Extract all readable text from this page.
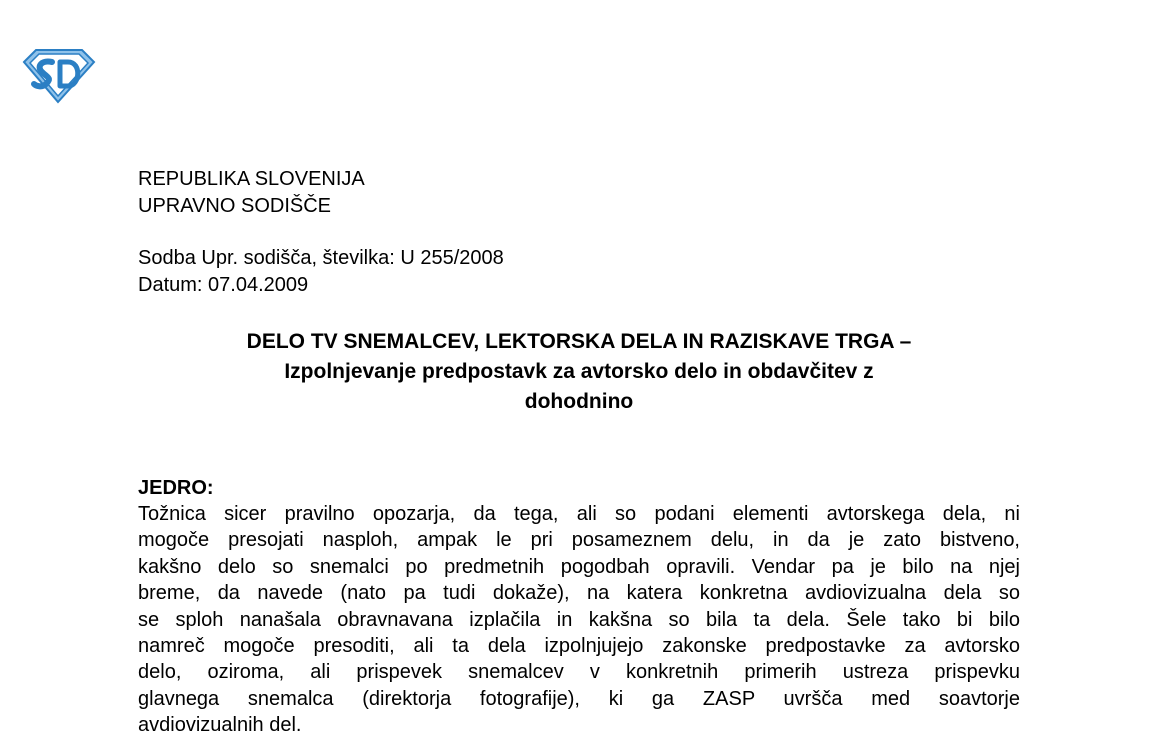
REPUBLIKA SLOVENIJA
UPRAVNO SODIŠČE
Sodba Upr. sodišča, številka: U 255/2008
Datum: 07.04.2009
DELO TV SNEMALCEV, LEKTORSKA DELA IN RAZISKAVE TRGA –
Izpolnjevanje predpostavk za avtorsko delo in obdavčitev z
dohodnino
JEDRO:
Tožnica sicer pravilno opozarja, da tega, ali so podani elementi avtorskega dela, ni
mogoče presojati nasploh, ampak le pri posameznem delu, in da je zato bistveno,
kakšno delo so snemalci po predmetnih pogodbah opravili. Vendar pa je bilo na njej
breme, da navede (nato pa tudi dokaže), na katera konkretna avdiovizualna dela so
se sploh nanašala obravnavana izplačila in kakšna so bila ta dela. Šele tako bi bilo
namreč mogoče presoditi, ali ta dela izpolnjujejo zakonske predpostavke za avtorsko
delo, oziroma, ali prispevek snemalcev v konkretnih primerih ustreza prispevku
glavnega snemalca (direktorja fotografije), ki ga ZASP uvršča med soavtorje
avdiovizualnih del.
